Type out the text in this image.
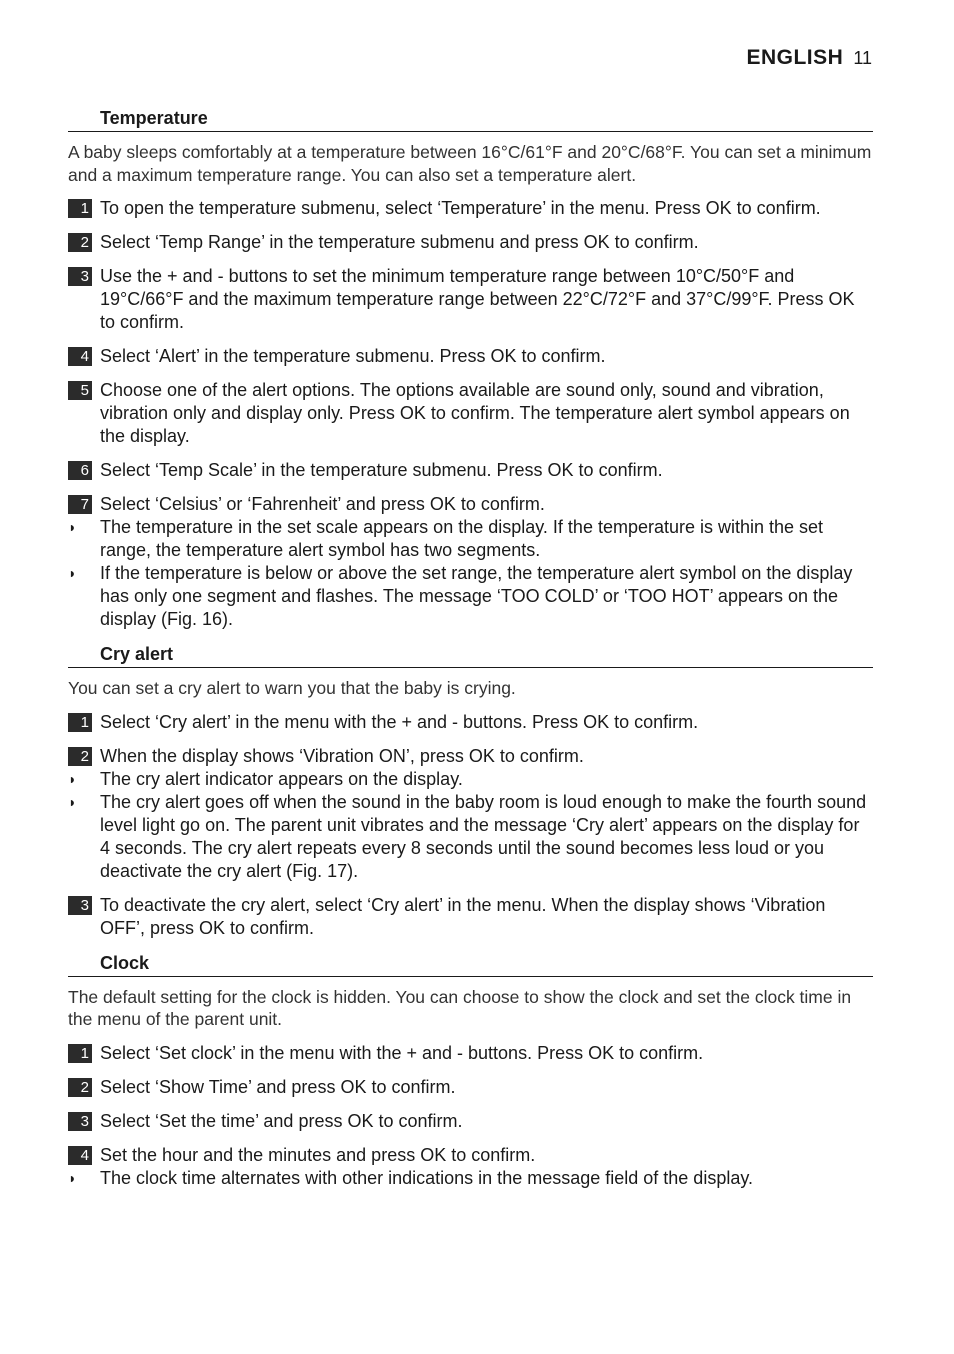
ENGLISH 11
Temperature
A baby sleeps comfortably at a temperature between 16°C/61°F and 20°C/68°F. You can set a minimum and a maximum temperature range. You can also set a temperature alert.
1 To open the temperature submenu, select ‘Temperature’ in the menu. Press OK to confirm.
2 Select ‘Temp Range’ in the temperature submenu and press OK to confirm.
3 Use the + and - buttons to set the minimum temperature range between 10°C/50°F and 19°C/66°F and the maximum temperature range between 22°C/72°F and 37°C/99°F. Press OK to confirm.
4 Select ‘Alert’ in the temperature submenu. Press OK to confirm.
5 Choose one of the alert options. The options available are sound only, sound and vibration, vibration only and display only. Press OK to confirm. The temperature alert symbol appears on the display.
6 Select ‘Temp Scale’ in the temperature submenu. Press OK to confirm.
7 Select ‘Celsius’ or ‘Fahrenheit’ and press OK to confirm.
◗	The temperature in the set scale appears on the display. If the temperature is within the set range, the temperature alert symbol has two segments.
◗	If the temperature is below or above the set range, the temperature alert symbol on the display has only one segment and flashes. The message ‘TOO COLD’ or ‘TOO HOT’ appears on the display (Fig. 16).
Cry alert
You can set a cry alert to warn you that the baby is crying.
1 Select ‘Cry alert’ in the menu with the + and - buttons. Press OK to confirm.
2 When the display shows ‘Vibration ON’, press OK to confirm.
◗	The cry alert indicator appears on the display.
◗	The cry alert goes off when the sound in the baby room is loud enough to make the fourth sound level light go on. The parent unit vibrates and the message ‘Cry alert’ appears on the display for 4 seconds. The cry alert repeats every 8 seconds until the sound becomes less loud or you deactivate the cry alert (Fig. 17).
3 To deactivate the cry alert, select ‘Cry alert’ in the menu. When the display shows ‘Vibration OFF’, press OK to confirm.
Clock
The default setting for the clock is hidden. You can choose to show the clock and set the clock time in the menu of the parent unit.
1 Select ‘Set clock’ in the menu with the + and - buttons. Press OK to confirm.
2 Select ‘Show Time’ and press OK to confirm.
3 Select ‘Set the time’ and press OK to confirm.
4 Set the hour and the minutes and press OK to confirm.
◗	The clock time alternates with other indications in the message field of the display.
